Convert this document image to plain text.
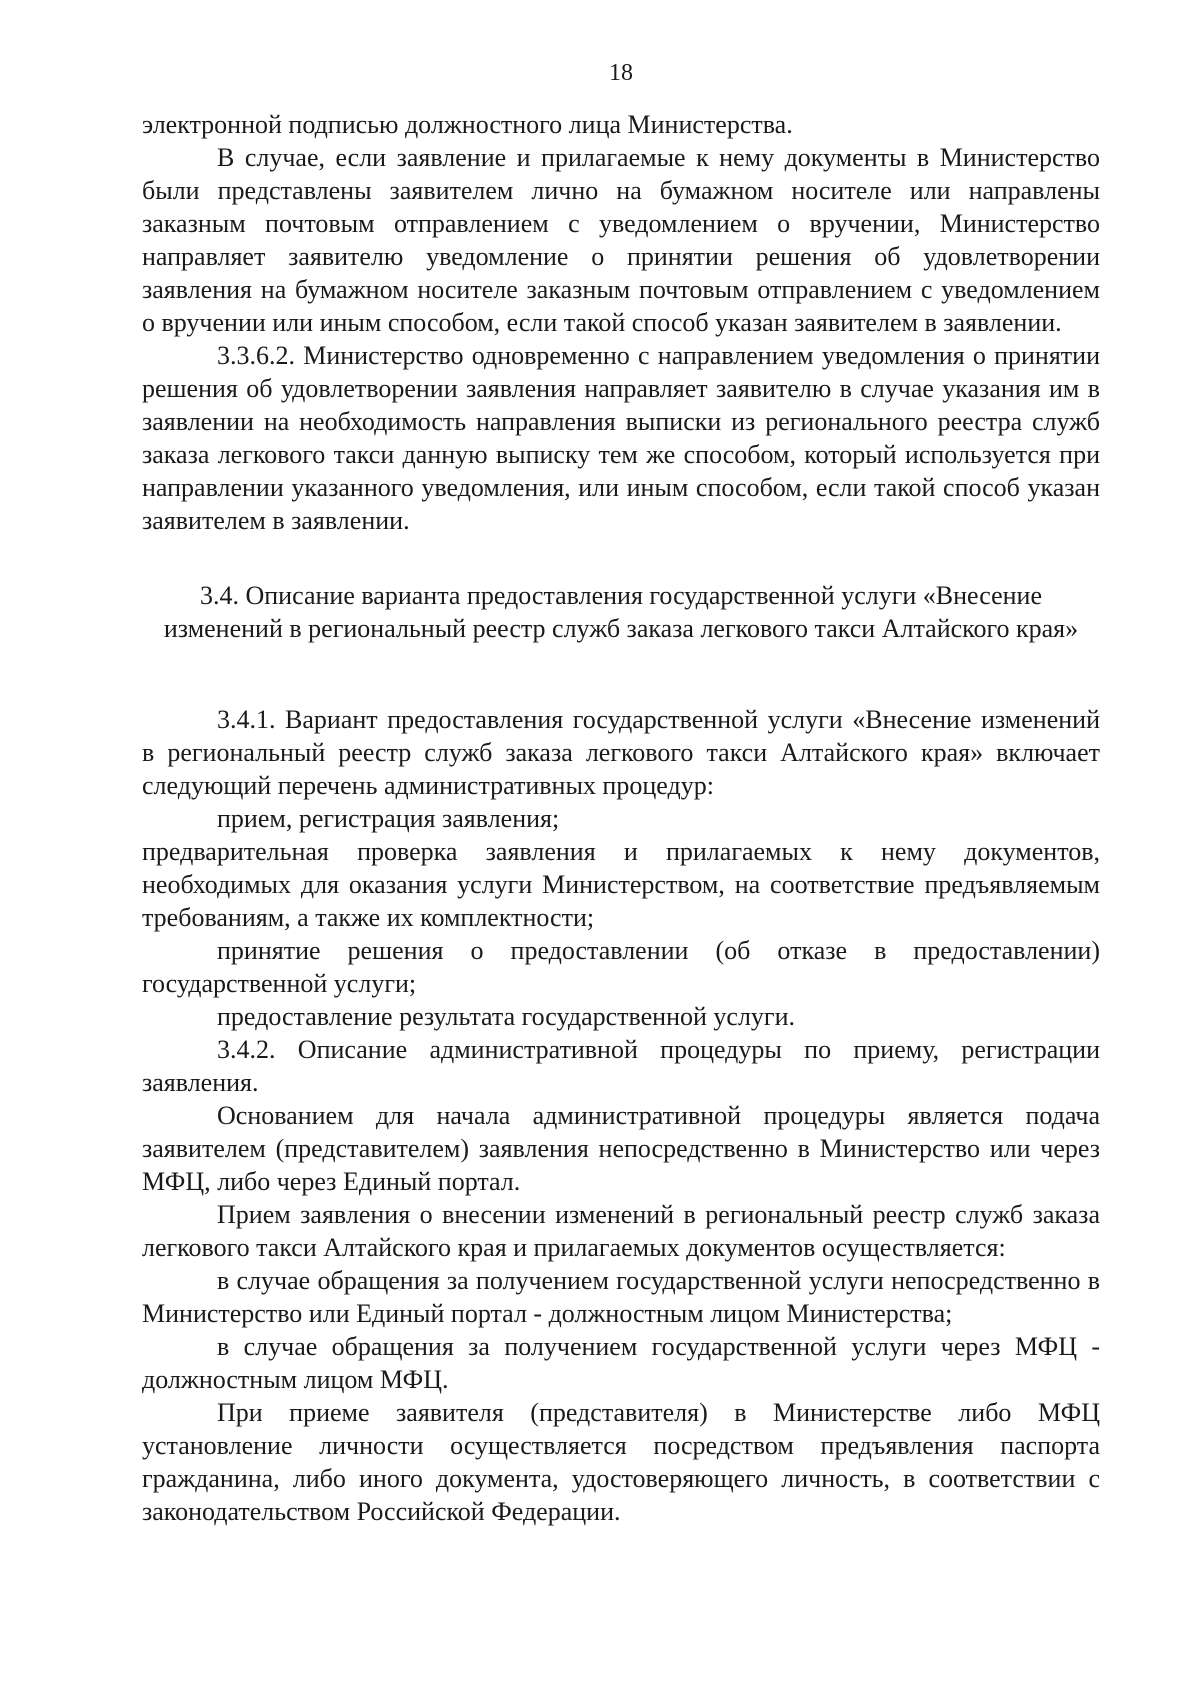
18

электронной подписью должностного лица Министерства.

В случае, если заявление и прилагаемые к нему документы в Министерство были представлены заявителем лично на бумажном носителе или направлены заказным почтовым отправлением с уведомлением о вручении, Министерство направляет заявителю уведомление о принятии решения об удовлетворении заявления на бумажном носителе заказным почтовым отправлением с уведомлением о вручении или иным способом, если такой способ указан заявителем в заявлении.

3.3.6.2. Министерство одновременно с направлением уведомления о принятии решения об удовлетворении заявления направляет заявителю в случае указания им в заявлении на необходимость направления выписки из регионального реестра служб заказа легкового такси данную выписку тем же способом, который используется при направлении указанного уведомления, или иным способом, если такой способ указан заявителем в заявлении.

3.4. Описание варианта предоставления государственной услуги «Внесение изменений в региональный реестр служб заказа легкового такси Алтайского края»

3.4.1. Вариант предоставления государственной услуги «Внесение изменений в региональный реестр служб заказа легкового такси Алтайского края» включает следующий перечень административных процедур:

прием, регистрация заявления;

предварительная проверка заявления и прилагаемых к нему документов, необходимых для оказания услуги Министерством, на соответствие предъявляемым требованиям, а также их комплектности;

принятие решения о предоставлении (об отказе в предоставлении) государственной услуги;

предоставление результата государственной услуги.

3.4.2. Описание административной процедуры по приему, регистрации заявления.

Основанием для начала административной процедуры является подача заявителем (представителем) заявления непосредственно в Министерство или через МФЦ, либо через Единый портал.

Прием заявления о внесении изменений в региональный реестр служб заказа легкового такси Алтайского края и прилагаемых документов осуществляется:

в случае обращения за получением государственной услуги непосредственно в Министерство или Единый портал - должностным лицом Министерства;

в случае обращения за получением государственной услуги через МФЦ - должностным лицом МФЦ.

При приеме заявителя (представителя) в Министерстве либо МФЦ установление личности осуществляется посредством предъявления паспорта гражданина, либо иного документа, удостоверяющего личность, в соответствии с законодательством Российской Федерации.
